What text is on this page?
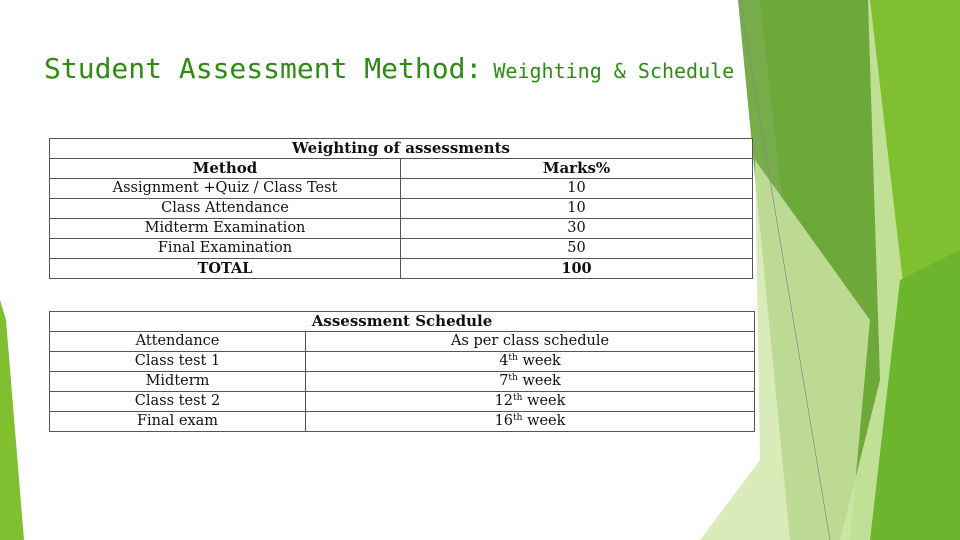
Student Assessment Method: Weighting & Schedule
Weighting of assessments	
Method	Marks%
Assignment +Quiz / Class Test	10
Class Attendance	10
Midterm Examination	30
Final Examination	50
TOTAL	100
Assessment Schedule	
Attendance	As per class schedule
Class test 1	4th week
Midterm	7th week
Class test 2	12th week
Final exam	16th week
